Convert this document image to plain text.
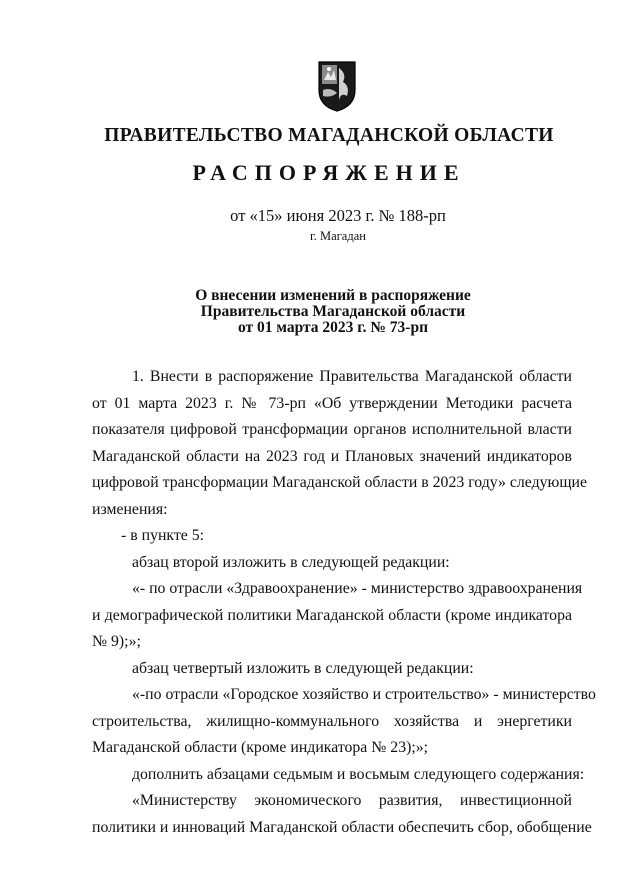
ПРАВИТЕЛЬСТВО МАГАДАНСКОЙ ОБЛАСТИ
РАСПОРЯЖЕНИЕ
от «15» июня 2023 г. № 188-рп
г. Магадан
О внесении изменений в распоряжение
Правительства Магаданской области
от 01 марта 2023 г. № 73-рп
1. Внести в распоряжение Правительства Магаданской области
от 01 марта 2023 г. № 73-рп «Об утверждении Методики расчета
показателя цифровой трансформации органов исполнительной власти
Магаданской области на 2023 год и Плановых значений индикаторов
цифровой трансформации Магаданской области в 2023 году» следующие
изменения:
- в пункте 5:
абзац второй изложить в следующей редакции:
«- по отрасли «Здравоохранение» - министерство здравоохранения
и демографической политики Магаданской области (кроме индикатора
№ 9);»;
абзац четвертый изложить в следующей редакции:
«-по отрасли «Городское хозяйство и строительство» - министерство
строительства, жилищно-коммунального хозяйства и энергетики
Магаданской области (кроме индикатора № 23);»;
дополнить абзацами седьмым и восьмым следующего содержания:
«Министерству экономического развития, инвестиционной
политики и инноваций Магаданской области обеспечить сбор, обобщение
